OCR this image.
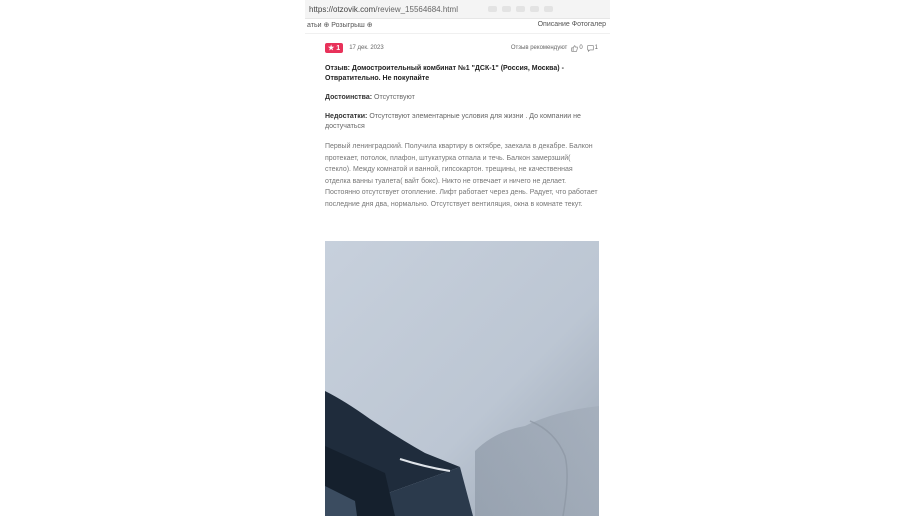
https://otzovik.com /review_15564684.html
атьи ⊕ Розыгрыш ⊕	Описание Фотогалер
★ 1 17 дек. 2023	Отзыв рекомендуют 0 1
Отзыв: Домостроительный комбинат №1 "ДСК-1" (Россия, Москва) - Отвратительно. Не покупайте
Достоинства: Отсутствуют
Недостатки: Отсутствуют элементарные условия для жизни . До компании не достучаться
Первый ленинградский. Получила квартиру в октябре, заехала в декабре. Балкон протекает, потолок, плафон, штукатурка отпала и течь. Балкон замерзший( стекло). Между комнатой и ванной, гипсокартон. трещины, не качественная отделка ванны туалета( вайт бокс). Никто не отвечает и ничего не делает. Постоянно отсутствует отопление. Лифт работает через день. Радует, что работает последние дня два, нормально. Отсутствует вентиляция, окна в комнате текут.
